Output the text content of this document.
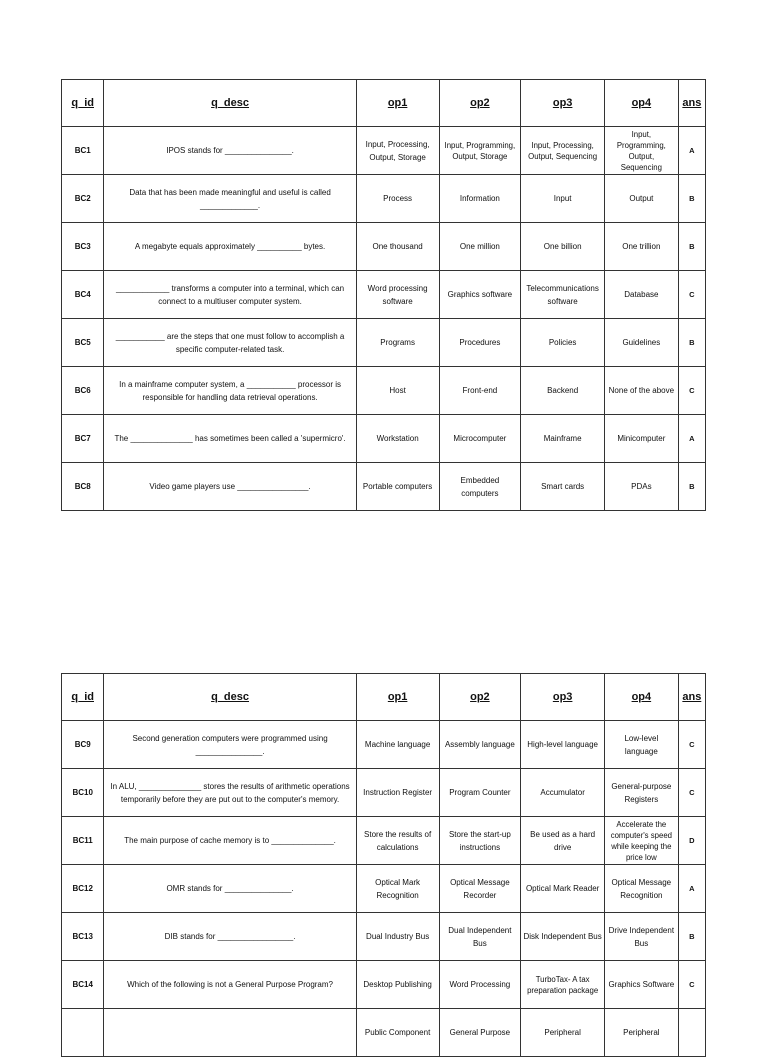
q_id	q_desc	op1	op2	op3	op4	ans
BC1	IPOS stands for _______________.	Input, Processing, Output, Storage	Input, Programming, Output, Storage	Input, Processing, Output, Sequencing	Input, Programming, Output, Sequencing	A
BC2	Data that has been made meaningful and useful is called _____________.	Process	Information	Input	Output	B
BC3	A megabyte equals approximately __________ bytes.	One thousand	One million	One billion	One trillion	B
BC4	____________ transforms a computer into a terminal, which can connect to a multiuser computer system.	Word processing software	Graphics software	Telecommunications software	Database	C
BC5	___________ are the steps that one must follow to accomplish a specific computer-related task.	Programs	Procedures	Policies	Guidelines	B
BC6	In a mainframe computer system, a ___________ processor is responsible for handling data retrieval operations.	Host	Front-end	Backend	None of the above	C
BC7	The ______________ has sometimes been called a 'supermicro'.	Workstation	Microcomputer	Mainframe	Minicomputer	A
BC8	Video game players use ________________.	Portable computers	Embedded computers	Smart cards	PDAs	B
q_id	q_desc	op1	op2	op3	op4	ans
BC9	Second generation computers were programmed using _______________.	Machine language	Assembly language	High-level language	Low-level language	C
BC10	In ALU, ______________ stores the results of arithmetic operations temporarily before they are put out to the computer's memory.	Instruction Register	Program Counter	Accumulator	General-purpose Registers	C
BC11	The main purpose of cache memory is to ______________.	Store the results of calculations	Store the start-up instructions	Be used as a hard drive	Accelerate the computer's speed while keeping the price low	D
BC12	OMR stands for _______________.	Optical Mark Recognition	Optical Message Recorder	Optical Mark Reader	Optical Message Recognition	A
BC13	DIB stands for _________________.	Dual Industry Bus	Dual Independent Bus	Disk Independent Bus	Drive Independent Bus	B
BC14	Which of the following is not a General Purpose Program?	Desktop Publishing	Word Processing	TurboTax- A tax preparation package	Graphics Software	C
		Public Component	General Purpose	Peripheral	Peripheral	
